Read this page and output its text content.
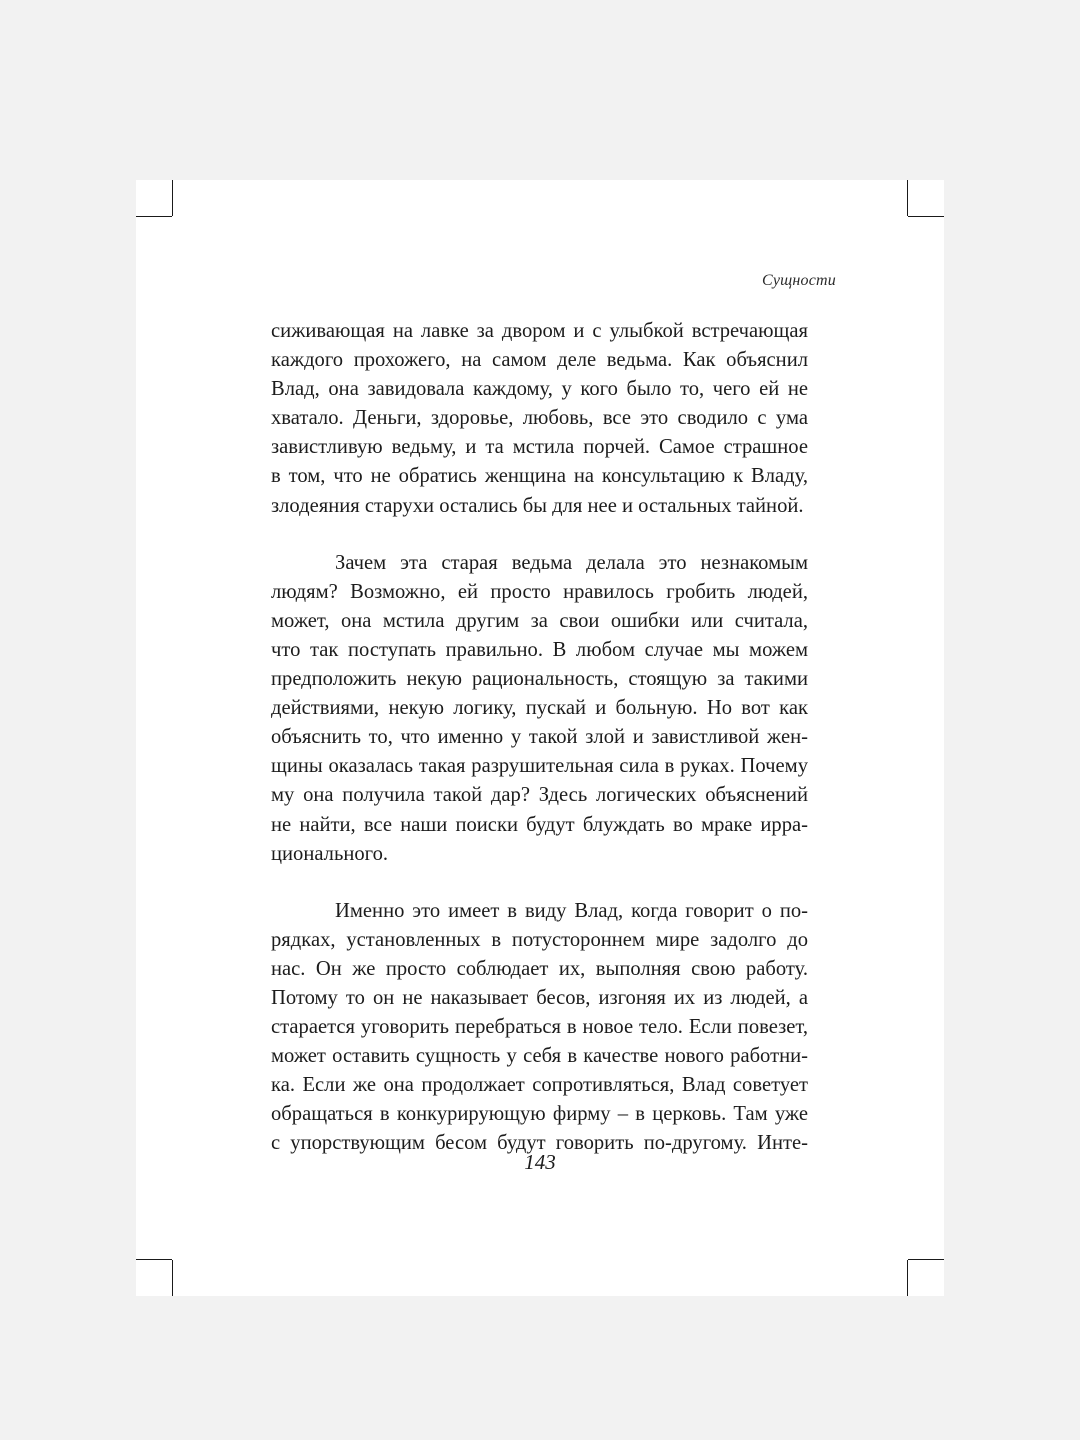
Сущности
сиживающая на лавке за двором и с улыбкой встречающая
каждого прохожего, на самом деле ведьма. Как объяснил
Влад, она завидовала каждому, у кого было то, чего ей не
хватало. Деньги, здоровье, любовь, все это сводило с ума
завистливую ведьму, и та мстила порчей. Самое страшное
в том, что не обратись женщина на консультацию к Владу,
злодеяния старухи остались бы для нее и остальных тайной.
Зачем эта старая ведьма делала это незнакомым
людям? Возможно, ей просто нравилось гробить людей,
может, она мстила другим за свои ошибки или считала,
что так поступать правильно. В любом случае мы можем
предположить некую рациональность, стоящую за такими
действиями, некую логику, пускай и больную. Но вот как
объяснить то, что именно у такой злой и завистливой жен-
щины оказалась такая разрушительная сила в руках. Почему
му она получила такой дар? Здесь логических объяснений
не найти, все наши поиски будут блуждать во мраке ирра-
ционального.
Именно это имеет в виду Влад, когда говорит о по-
рядках, установленных в потустороннем мире задолго до
нас. Он же просто соблюдает их, выполняя свою работу.
Потому то он не наказывает бесов, изгоняя их из людей, а
старается уговорить перебраться в новое тело. Если повезет,
может оставить сущность у себя в качестве нового работни-
ка. Если же она продолжает сопротивляться, Влад советует
обращаться в конкурирующую фирму – в церковь. Там уже
с упорствующим бесом будут говорить по-другому. Инте-
143
